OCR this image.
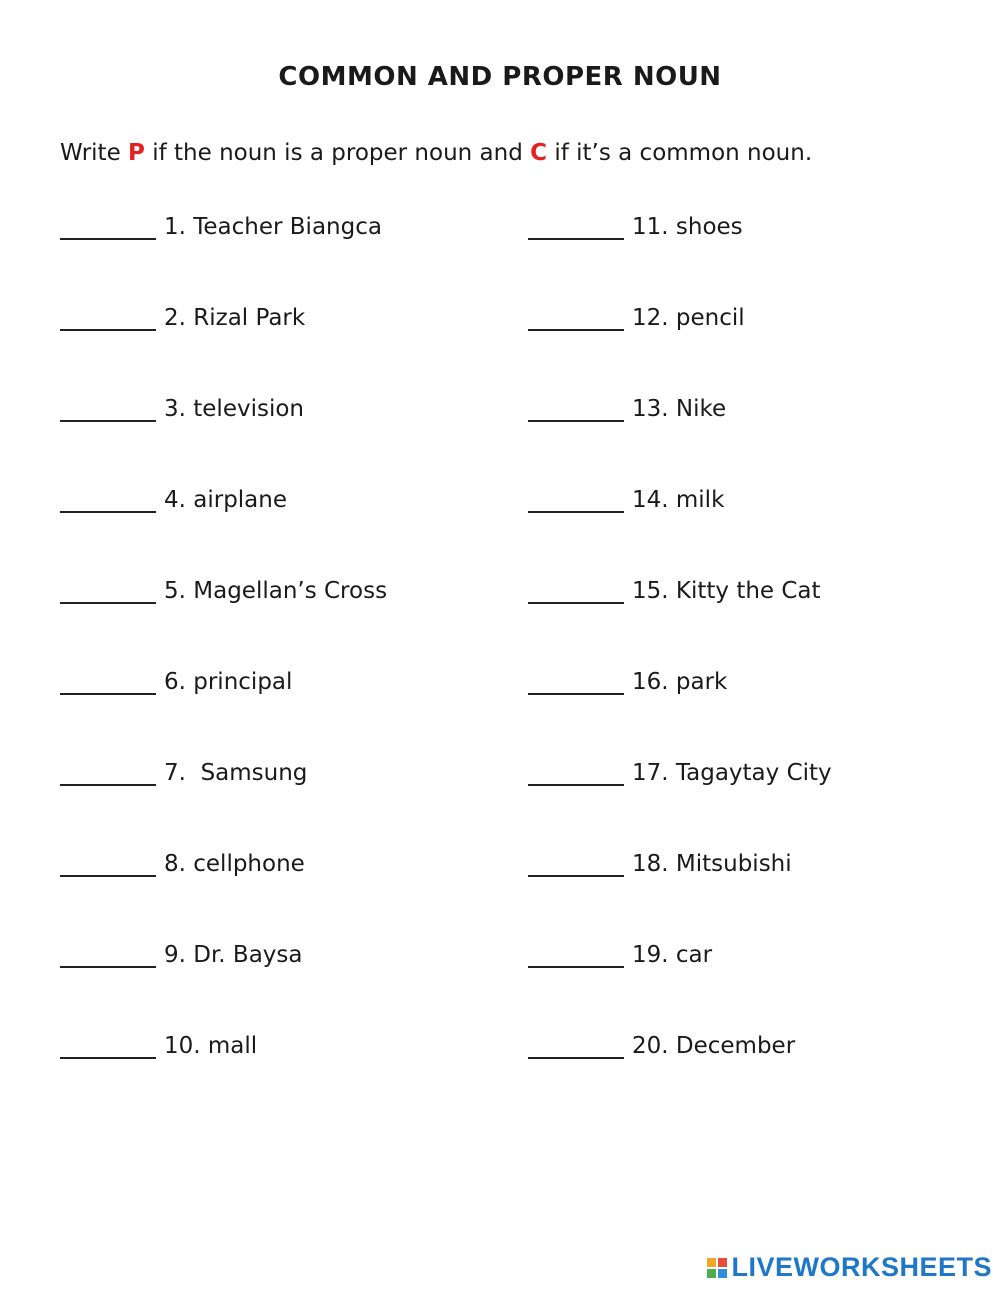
COMMON AND PROPER NOUN
Write P if the noun is a proper noun and C if it’s a common noun.
1. Teacher Biangca
2. Rizal Park
3. television
4. airplane
5. Magellan’s Cross
6. principal
7.  Samsung
8. cellphone
9. Dr. Baysa
10. mall
11. shoes
12. pencil
13. Nike
14. milk
15. Kitty the Cat
16. park
17. Tagaytay City
18. Mitsubishi
19. car
20. December
LIVEWORKSHEETS
